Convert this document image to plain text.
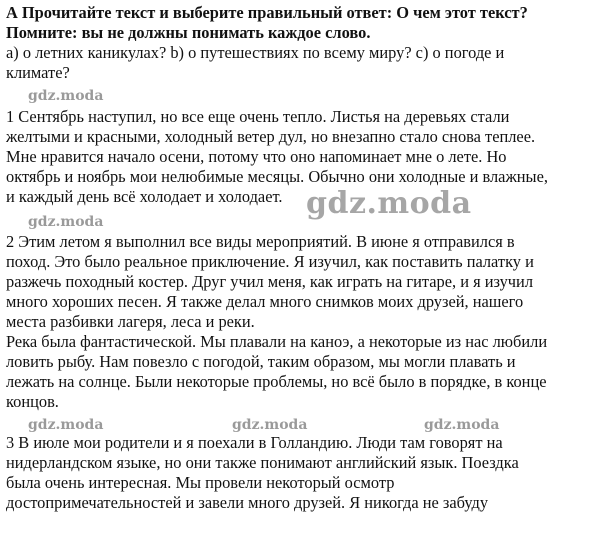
А Прочитайте текст и выберите правильный ответ: О чем этот текст?
Помните: вы не должны понимать каждое слово.
а) о летних каникулах? b) о путешествиях по всему миру? c) о погоде и
климате?
gdz.moda
1 Сентябрь наступил, но все еще очень тепло. Листья на деревьях стали
желтыми и красными, холодный ветер дул, но внезапно стало снова теплее.
Мне нравится начало осени, потому что оно напоминает мне о лете. Но
октябрь и ноябрь мои нелюбимые месяцы. Обычно они холодные и влажные,
и каждый день всё холодает и холодает. gdz.moda
gdz.moda
2 Этим летом я выполнил все виды мероприятий. В июне я отправился в
поход. Это было реальное приключение. Я изучил, как поставить палатку и
разжечь походный костер. Друг учил меня, как играть на гитаре, и я изучил
много хороших песен. Я также делал много снимков моих друзей, нашего
места разбивки лагеря, леса и реки.
Река была фантастической. Мы плавали на каноэ, а некоторые из нас любили
ловить рыбу. Нам повезло с погодой, таким образом, мы могли плавать и
лежать на солнце. Были некоторые проблемы, но всё было в порядке, в конце
концов.
gdz.moda	gdz.moda	gdz.moda
3 В июле мои родители и я поехали в Голландию. Люди там говорят на
нидерландском языке, но они также понимают английский язык. Поездка
была очень интересная. Мы провели некоторый осмотр
достопримечательностей и завели много друзей. Я никогда не забуду
